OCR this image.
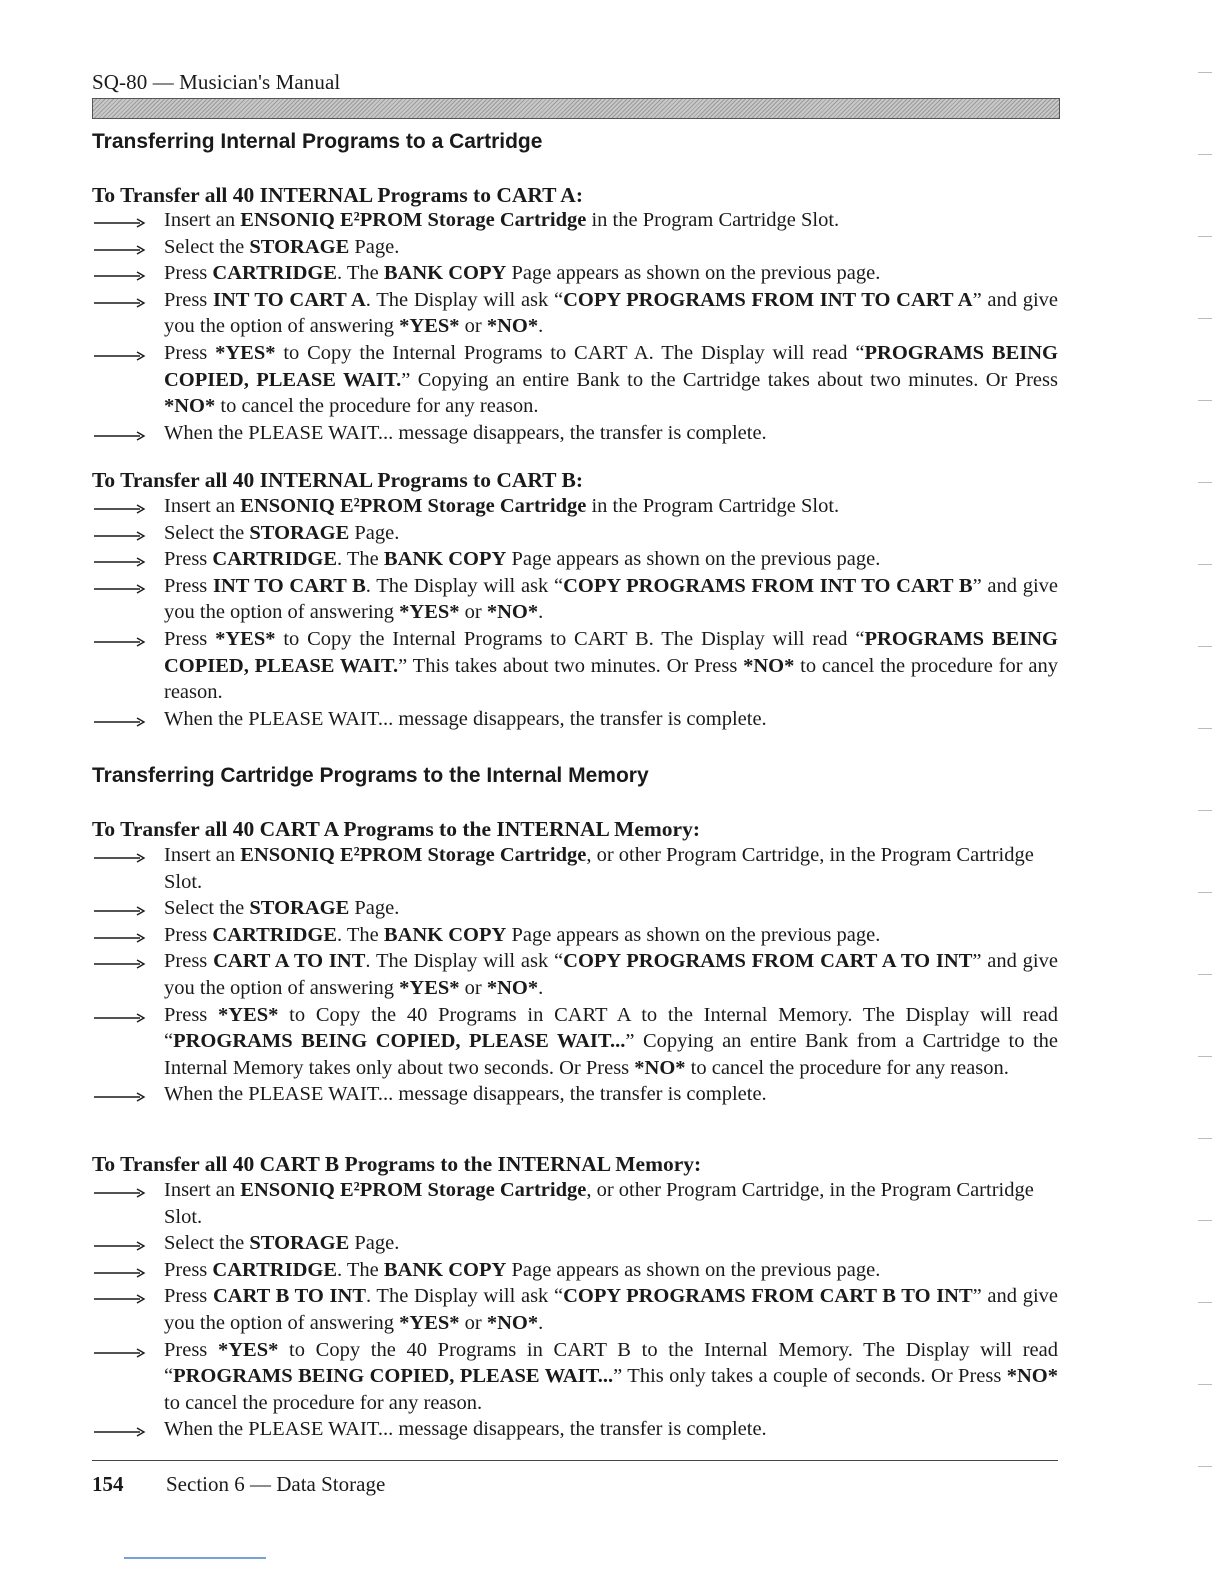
SQ-80 — Musician's Manual
Transferring Internal Programs to a Cartridge
To Transfer all 40 INTERNAL Programs to CART A:
Insert an ENSONIQ E²PROM Storage Cartridge in the Program Cartridge Slot.
Select the STORAGE Page.
Press CARTRIDGE. The BANK COPY Page appears as shown on the previous page.
Press INT TO CART A. The Display will ask “COPY PROGRAMS FROM INT TO CART A” and give you the option of answering *YES* or *NO*.
Press *YES* to Copy the Internal Programs to CART A. The Display will read “PROGRAMS BEING COPIED, PLEASE WAIT.” Copying an entire Bank to the Cartridge takes about two minutes. Or Press *NO* to cancel the procedure for any reason.
When the PLEASE WAIT... message disappears, the transfer is complete.
To Transfer all 40 INTERNAL Programs to CART B:
Insert an ENSONIQ E²PROM Storage Cartridge in the Program Cartridge Slot.
Select the STORAGE Page.
Press CARTRIDGE. The BANK COPY Page appears as shown on the previous page.
Press INT TO CART B. The Display will ask “COPY PROGRAMS FROM INT TO CART B” and give you the option of answering *YES* or *NO*.
Press *YES* to Copy the Internal Programs to CART B. The Display will read “PROGRAMS BEING COPIED, PLEASE WAIT.” This takes about two minutes. Or Press *NO* to cancel the procedure for any reason.
When the PLEASE WAIT... message disappears, the transfer is complete.
Transferring Cartridge Programs to the Internal Memory
To Transfer all 40 CART A Programs to the INTERNAL Memory:
Insert an ENSONIQ E²PROM Storage Cartridge, or other Program Cartridge, in the Program Cartridge Slot.
Select the STORAGE Page.
Press CARTRIDGE. The BANK COPY Page appears as shown on the previous page.
Press CART A TO INT. The Display will ask “COPY PROGRAMS FROM CART A TO INT” and give you the option of answering *YES* or *NO*.
Press *YES* to Copy the 40 Programs in CART A to the Internal Memory. The Display will read “PROGRAMS BEING COPIED, PLEASE WAIT...” Copying an entire Bank from a Cartridge to the Internal Memory takes only about two seconds. Or Press *NO* to cancel the procedure for any reason.
When the PLEASE WAIT... message disappears, the transfer is complete.
To Transfer all 40 CART B Programs to the INTERNAL Memory:
Insert an ENSONIQ E²PROM Storage Cartridge, or other Program Cartridge, in the Program Cartridge Slot.
Select the STORAGE Page.
Press CARTRIDGE. The BANK COPY Page appears as shown on the previous page.
Press CART B TO INT. The Display will ask “COPY PROGRAMS FROM CART B TO INT” and give you the option of answering *YES* or *NO*.
Press *YES* to Copy the 40 Programs in CART B to the Internal Memory. The Display will read “PROGRAMS BEING COPIED, PLEASE WAIT...” This only takes a couple of seconds. Or Press *NO* to cancel the procedure for any reason.
When the PLEASE WAIT... message disappears, the transfer is complete.
154 Section 6 — Data Storage
